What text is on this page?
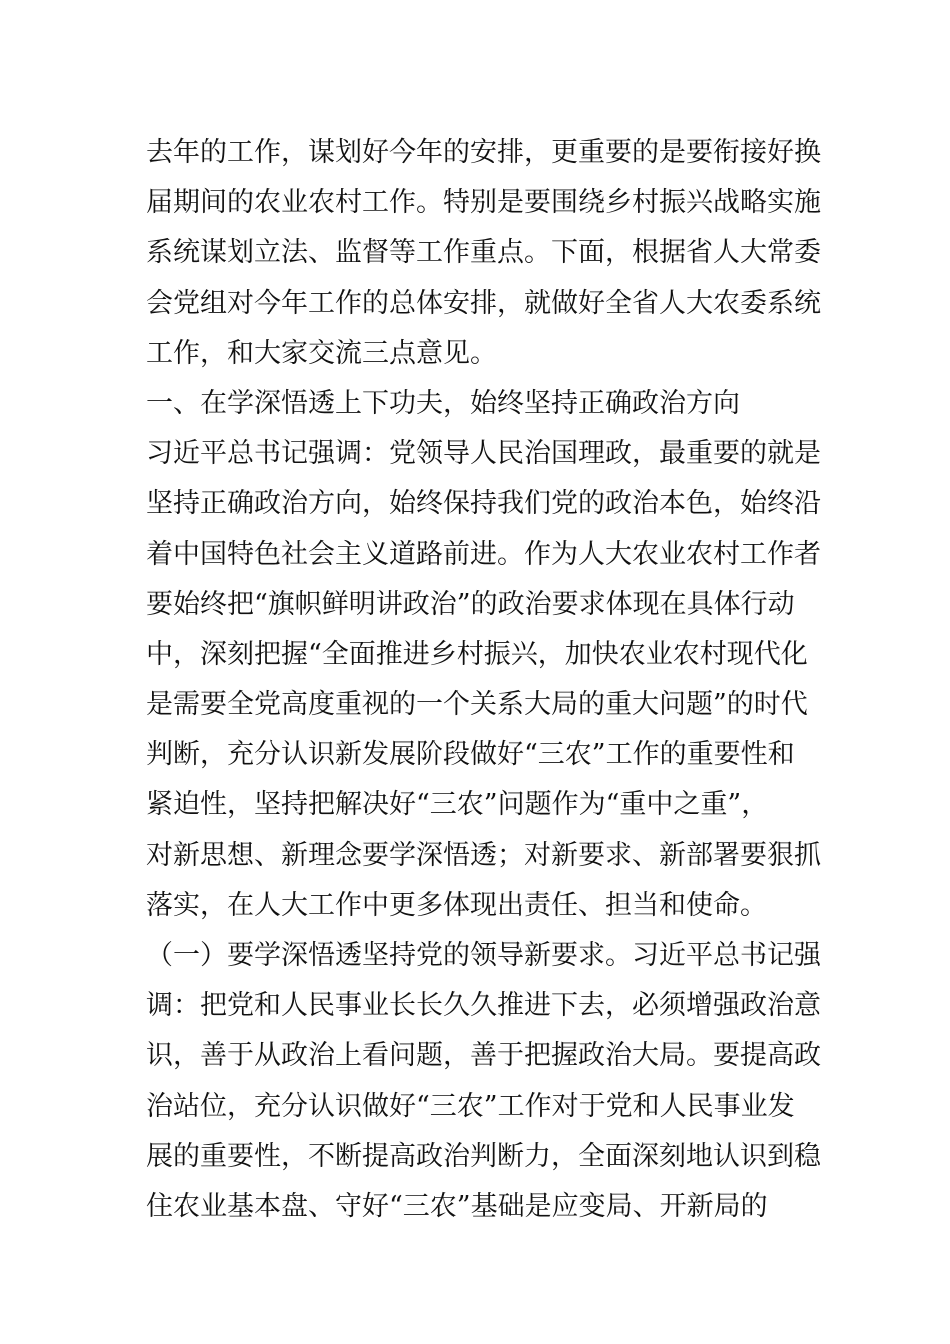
去年的工作，谋划好今年的安排，更重要的是要衔接好换
届期间的农业农村工作。特别是要围绕乡村振兴战略实施
系统谋划立法、监督等工作重点。下面，根据省人大常委
会党组对今年工作的总体安排，就做好全省人大农委系统
工作，和大家交流三点意见。
一、在学深悟透上下功夫，始终坚持正确政治方向
习近平总书记强调：党领导人民治国理政，最重要的就是
坚持正确政治方向，始终保持我们党的政治本色，始终沿
着中国特色社会主义道路前进。作为人大农业农村工作者
要始终把“旗帜鲜明讲政治”的政治要求体现在具体行动
中，深刻把握“全面推进乡村振兴，加快农业农村现代化
是需要全党高度重视的一个关系大局的重大问题”的时代
判断，充分认识新发展阶段做好“三农”工作的重要性和
紧迫性，坚持把解决好“三农”问题作为“重中之重”，
对新思想、新理念要学深悟透；对新要求、新部署要狠抓
落实，在人大工作中更多体现出责任、担当和使命。
（一）要学深悟透坚持党的领导新要求。习近平总书记强
调：把党和人民事业长长久久推进下去，必须增强政治意
识，善于从政治上看问题，善于把握政治大局。要提高政
治站位，充分认识做好“三农”工作对于党和人民事业发
展的重要性，不断提高政治判断力，全面深刻地认识到稳
住农业基本盘、守好“三农”基础是应变局、开新局的
